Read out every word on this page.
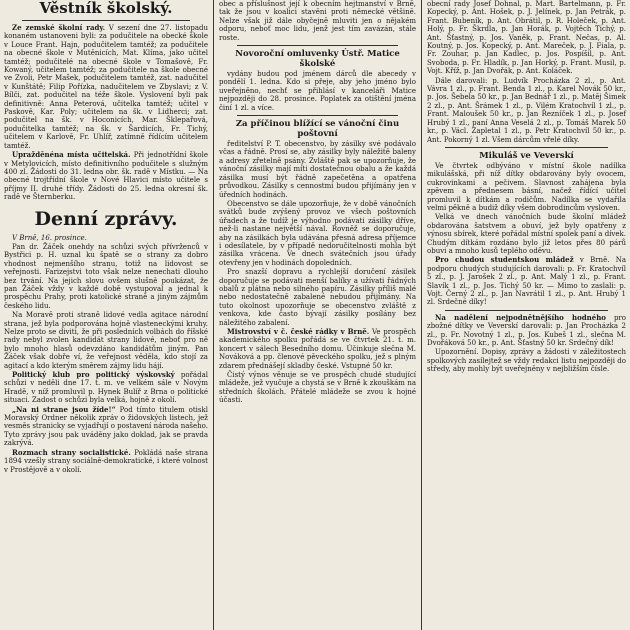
Věstník školský.

Ze zemské školní rady. V sezení dne 27. listopadu konaném ustanoveni byli: za podučitele na obecké škole v Louce Frant. Hajn, podučitelem tamtéž; za podučitele na obecné škole v Mutěnicích, Mat. Klíma, jako učitel tamtéž; podučitelé na obecné škole v Tomašově, Fr. Kowaný, učitelem tamtéž; za podučitele na škole obecné ve Zvoli, Petr Mašek, podučitelem tamtéž, zat. nadučitel v Kunštátě; Filip Pořízka, nadučitelem ve Zbyslavi; z V. Bílči, zat. podučitel na téže škole. Vyslovení byli pak definitivně: Anna Peterová, učitelka tamtéž; učitel v Paskově, Kar. Poly; učitelem na šk. v Lidherci; zat. podučitel na šk. v Hoconicích, Mar. Šklepařová, podučitelka tamtéž; na šk. v Šardicích, Fr. Tichý, učitelem v Karlově, Fr. Uhlíř, zatímně řídícím učitelem tamtéž.

Upražděnéna místa učitelská. Při jednotřídní škole v Metylovicích, místo definitivního podučitele s služným 400 zl. Žádosti do 31. ledna obr. šk. radě v Místku. — Na obecné trojtřídní škole v Nové Hlavici místo učitele s příjmy II. druhé třídy. Žádosti do 25. ledna okresní šk. radě ve Šternberku.

Denní zprávy.

V Brně, 16. prosince.

Pan dr. Žáček onehdy na schůzi svých přívrženců v Bystřici p. H. uznal ku špatě se o strany za dobro vhodnost nejmenšího stranu, totiž na lidovost se veřejnosti. Farizejstvi toto však nelze nenechati dlouho bez trvání. Na jejich slovu ovšem slušně poukázat, že pan Žáček vždy v každé době vystupoval a jednal k prospěchu Prahy, proti katolické straně a jiným zájmům českého lidu.

Na Moravě proti straně lidové vedla agitace národní strana, jež byla podporována hojně vlasteneckými kruhy. Nelze proto se diviti, že při posledních volbách do říšské rady nebyl zvolen kandidát strany lidové, neboť pro ně bylo mnoho hlasů odevzdáno kandidátům jiným. Pan Žáček však dobře ví, že veřejnost věděla, kdo stojí za agitací a kdo kterým směrem zájmy lidu hájí.

Politický klub pro politický výskovský pořádal schůzi v neděli dne 17. t. m. ve velkém sále v Novým Hradě, v níž promluvil p. Hynek Bulíř z Brna o politické situaci. Zadost o schůzi byla velká, hojně z okolí.

„Na ni strane jsou žíde!“ Pod tímto titulem otiskl Moravský Ordner několik zpráv o židovských listech, jež vesměs stranicky se vyjadřují o postavení národa našeho. Tyto zprávy jsou pak uváděny jako doklad, jak se pravda zakrývá.

Rozmach strany socialistické. Pokládá naše strana 1894 vzešly strany sociálně-demokratické, i které volnost v Prostějově a v okolí.

obec a příslušnost její k obecním hejtmanství v Brně, tak že jsou v koalici stavěni proti německé většině. Nelze však již dále obyčejně mluviti jen o nějakém odporu, neboť moc lidu, jenž jest tím zavázán, stále roste.

Novoroční omluvenky Ústř. Matice školské

vydány budou pod jménem dárců dle abecedy v pondělí 1. ledna. Kdo si přeje, aby jeho jméno bylo uveřejněno, nechť se přihlásí v kanceláři Matice nejpozději do 28. prosince. Poplatek za otištění jména činí 1 zl. a více.

Za příčinou blížící se vánoční činu poštovní

ředitelství P. T. obecenstvo, by zásilky své podávalo včas a řádně. Prosí se, aby zásilky byly náležitě baleny a adresy zřetelně psány. Zvláště pak se upozorňuje, že vánoční zásilky mají míti dostatečnou obalu a že každá zásilka musí být řádně zapečetěna a opatřena průvodkou. Zásilky s cennostmi budou přijímány jen v úředních hodinách.

Obecenstvo se dále upozorňuje, že v době vánočních svátků bude zvýšený provoz ve všech poštovních úřadech a že tudíž je výhodno podávati zásilky dříve, než-li nastane největší nával. Rovněž se doporučuje, aby na zásilkách byla udávána přesná adresa příjemce i odesílatele, by v případě nedoručitelnosti mohla být zásilka vrácena. Ve dnech svátečních jsou úřady otevřeny jen v hodinách dopoledních.

Pro snazší dopravu a rychlejší doručení zásilek doporučuje se podávati menší balíky a užívati řádných obalů z plátna nebo silného papíru. Zásilky příliš malé nebo nedostatečně zabalené nebudou přijímány. Na tuto okolnost upozorňuje se obecenstvo zvláště z venkova, kde často bývají zásilky posílány bez náležitého zabalení.

Mistrovství v č. české rádky v Brně. Ve prospěch akademického spolku pořádá se ve čtvrtek 21. t. m. koncert v sálech Besedního domu. Účinkuje slečna M. Nováková a pp. členové pěveckého spolku, jež s plným zdarem přednášejí skladby české. Vstupné 50 kr.

Čistý výnos věnuje se ve prospěch chudé studující mládeže, jež vyučuje a chystá se v Brně k zkouškám na středních školách. Přátelé mládeže se zvou k hojné účasti.

obecní rady Josef Dohnal, p. Mart. Bartelmann, p. Fr. Kopecký, p. Ant. Hošek, p. J. Jelínek, p. Jan Petrák, p. Frant. Bubeník, p. Ant. Obrátil, p. R. Holeček, p. Ant. Holý, p. Fr. Škrdla, p. Jan Horák, p. Vojtěch Tichý, p. Ant. Šťastný, p. Jos. Vaněk, p. Frant. Nečas, p. Al. Koutný, p. Jos. Kopecký, p. Ant. Mareček, p. J. Fiala, p. Fr. Zouhar, p. Jan Kadlec, p. Jos. Pospíšil, p. Ant. Svoboda, p. Fr. Hladík, p. Jan Horký, p. Frant. Musil, p. Vojt. Kříž, p. Jan Dvořák, p. Ant. Koláček.

Dále darovali: p. Ludvík Procházka 2 zl., p. Ant. Vávra 1 zl., p. Frant. Benda 1 zl., p. Karel Novák 50 kr., p. Jos. Šebela 50 kr., p. Jan Bednář 1 zl., p. Matěj Šimek 2 zl., p. Ant. Šrámek 1 zl., p. Vilém Kratochvíl 1 zl., p. Frant. Maloušek 50 kr., p. Jan Řezníček 1 zl., p. Josef Hrubý 1 zl., paní Anna Veselá 2 zl., p. Tomáš Marek 50 kr., p. Václ. Zapletal 1 zl., p. Petr Kratochvíl 50 kr., p. Ant. Pokorný 1 zl. Všem dárcům vřelé díky.

Mikuláš ve Veverskí

Ve čtvrtek odbýváno v místní škole nadílka mikulášská, při níž dítky obdarovány byly ovocem, cukrovinkami a pečivem. Slavnost zahájena byla zpěvem a přednesem básní, načež řídící učitel promluvil k dítkám a rodičům. Nadílka se vydařila velmi pěkně a budiž díky všem dobrodincům vysloven.

Velká ve dnech vánočních bude školní mládež obdarována šatstvem a obuví, jež byly opatřeny z výnosu sbírek, které pořádal místní spolek paní a dívek. Chudým dítkám rozdáno bylo již letos přes 80 párů obuvi a mnoho kusů teplého oděvu.

Pro chudou studentskou mládež v Brně. Na podporu chudých studujících darovali: p. Fr. Kratochvíl 5 zl., p. J. Jarošek 2 zl., p. Ant. Malý 1 zl., p. Frant. Slavík 1 zl., p. Jos. Tichý 50 kr. — Mimo to zaslali: p. Vojt. Černý 2 zl., p. Jan Navrátil 1 zl., p. Ant. Hrubý 1 zl. Srdečné díky!

Na nadělení nejpodnětnějšího hodného pro zbožné dítky ve Veverskí darovali: p. Jan Procházka 2 zl., p. Fr. Novotný 1 zl., p. Jos. Kubeš 1 zl., slečna M. Dvořáková 50 kr., p. Ant. Šťastný 50 kr. Srdečný dík!

Upozornění. Dopisy, zprávy a žádosti v záležitostech spolkových zasílejtež se vždy redakci listu nejpozději do středy, aby mohly být uveřejněny v nejbližším čísle.
